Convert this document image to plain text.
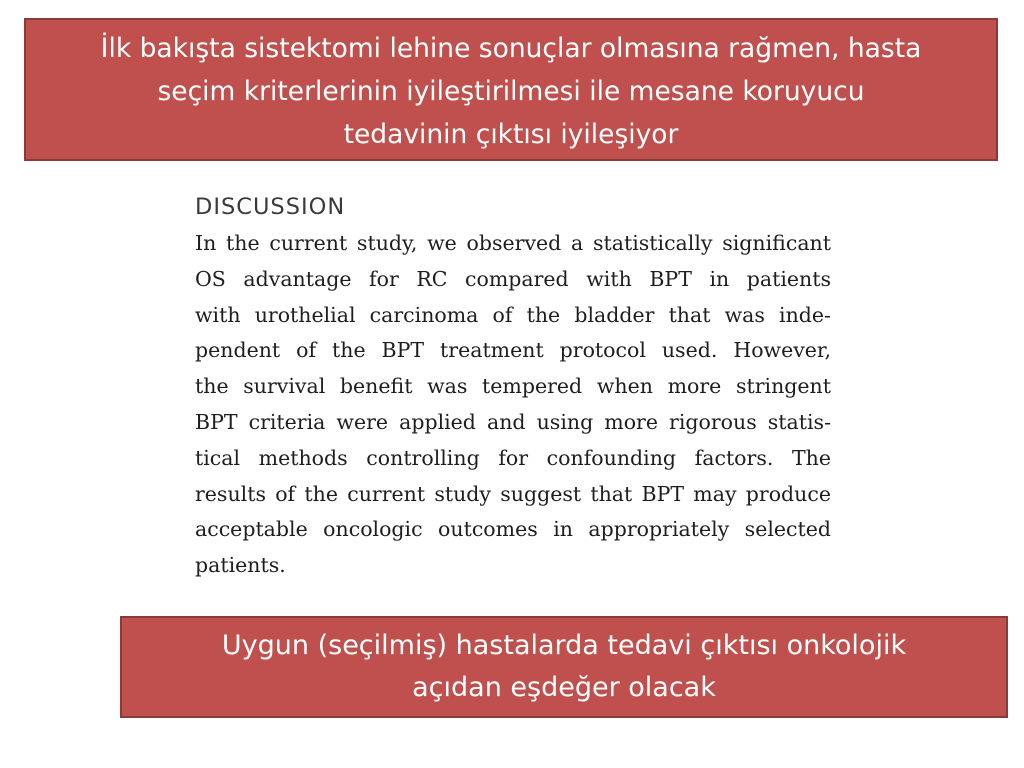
İlk bakışta sistektomi lehine sonuçlar olmasına rağmen, hasta
seçim kriterlerinin iyileştirilmesi ile mesane koruyucu
tedavinin çıktısı iyileşiyor
DISCUSSION
In the current study, we observed a statistically significant
OS advantage for RC compared with BPT in patients
with urothelial carcinoma of the bladder that was inde-
pendent of the BPT treatment protocol used. However,
the survival benefit was tempered when more stringent
BPT criteria were applied and using more rigorous statis-
tical methods controlling for confounding factors. The
results of the current study suggest that BPT may produce
acceptable oncologic outcomes in appropriately selected
patients.
Uygun (seçilmiş) hastalarda tedavi çıktısı onkolojik
açıdan eşdeğer olacak
